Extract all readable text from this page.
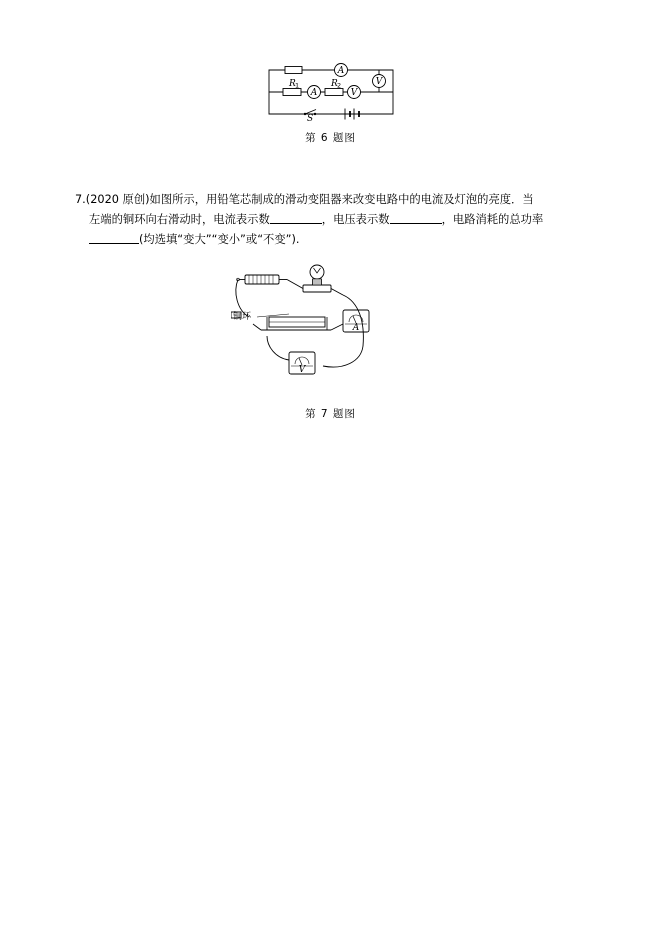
A
V
A	V
R 1	R 2
S
第 6 题图
7.(2020 原创)如图所示，用铅笔芯制成的滑动变阻器来改变电路中的电流及灯泡的亮度．当
左端的铜环向右滑动时，电流表示数	，电压表示数	，电路消耗的总功率
(均选填“变大”“变小”或“不变”).
铜环
A
V
第 7 题图
